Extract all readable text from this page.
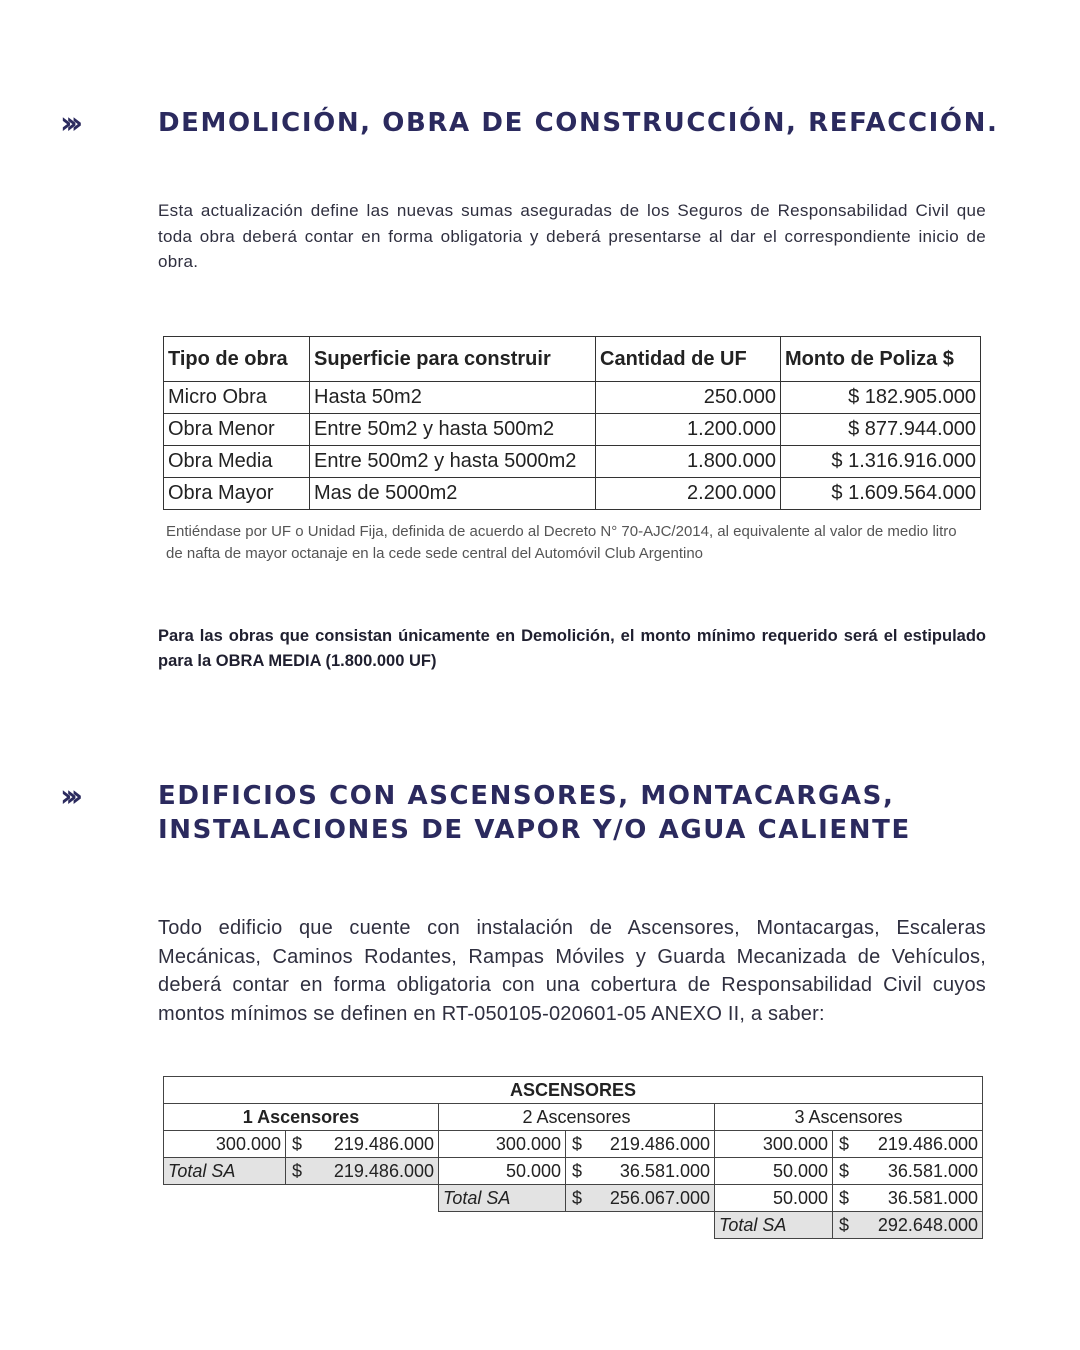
›››	DEMOLICIÓN, OBRA DE CONSTRUCCIÓN, REFACCIÓN.

Esta actualización define las nuevas sumas aseguradas de los Seguros de Responsabilidad Civil que toda obra deberá contar en forma obligatoria y deberá presentarse al dar el correspondiente inicio de obra.

Tipo de obra	Superficie para construir	Cantidad de UF	Monto de Poliza $
Micro Obra	Hasta 50m2	250.000	$ 182.905.000
Obra Menor	Entre 50m2 y hasta 500m2	1.200.000	$ 877.944.000
Obra Media	Entre 500m2 y hasta 5000m2	1.800.000	$ 1.316.916.000
Obra Mayor	Mas de 5000m2	2.200.000	$ 1.609.564.000

Entiéndase por UF o Unidad Fija, definida de acuerdo al Decreto N° 70-AJC/2014, al equivalente al valor de medio litro de nafta de mayor octanaje en la cede sede central del Automóvil Club Argentino

Para las obras que consistan únicamente en Demolición, el monto mínimo requerido será el estipulado para la OBRA MEDIA (1.800.000 UF)

›››	EDIFICIOS CON ASCENSORES, MONTACARGAS,
INSTALACIONES DE VAPOR Y/O AGUA CALIENTE

Todo edificio que cuente con instalación de Ascensores, Montacargas, Escaleras Mecánicas, Caminos Rodantes, Rampas Móviles y Guarda Mecanizada de Vehículos, deberá contar en forma obligatoria con una cobertura de Responsabilidad Civil cuyos montos mínimos se definen en RT-050105-020601-05 ANEXO II, a saber:

ASCENSORES					
1 Ascensores		2 Ascensores		3 Ascensores	
300.000	$ 219.486.000	300.000	$ 219.486.000	300.000	$ 219.486.000

Total SA	$ 219.486.000	50.000	$ 36.581.000	50.000	$ 36.581.000

		Total SA	$ 256.067.000	50.000	$ 36.581.000

				Total SA	$ 292.648.000
